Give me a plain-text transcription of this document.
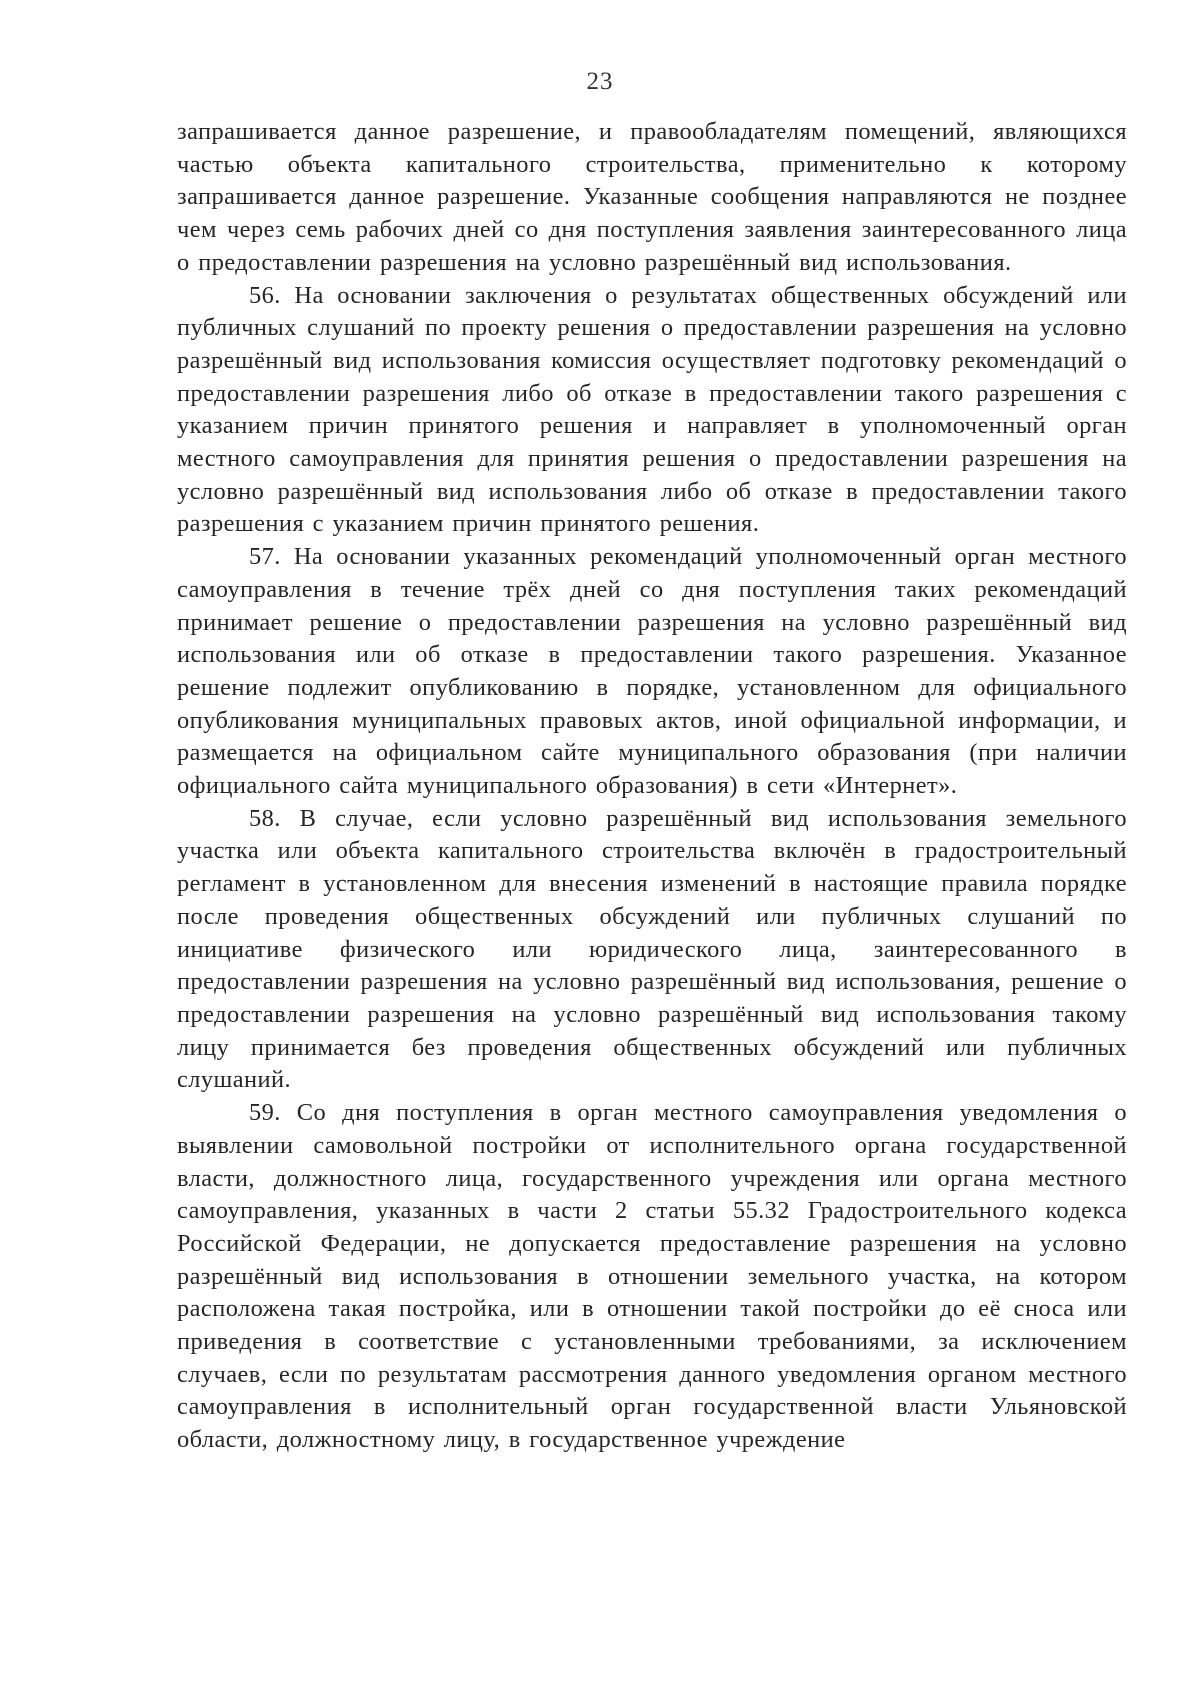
23

запрашивается данное разрешение, и правообладателям помещений, являющихся частью объекта капитального строительства, применительно к которому запрашивается данное разрешение. Указанные сообщения направляются не позднее чем через семь рабочих дней со дня поступления заявления заинтересованного лица о предоставлении разрешения на условно разрешённый вид использования.

56. На основании заключения о результатах общественных обсуждений или публичных слушаний по проекту решения о предоставлении разрешения на условно разрешённый вид использования комиссия осуществляет подготовку рекомендаций о предоставлении разрешения либо об отказе в предоставлении такого разрешения с указанием причин принятого решения и направляет в уполномоченный орган местного самоуправления для принятия решения о предоставлении разрешения на условно разрешённый вид использования либо об отказе в предоставлении такого разрешения с указанием причин принятого решения.

57. На основании указанных рекомендаций уполномоченный орган местного самоуправления в течение трёх дней со дня поступления таких рекомендаций принимает решение о предоставлении разрешения на условно разрешённый вид использования или об отказе в предоставлении такого разрешения. Указанное решение подлежит опубликованию в порядке, установленном для официального опубликования муниципальных правовых актов, иной официальной информации, и размещается на официальном сайте муниципального образования (при наличии официального сайта муниципального образования) в сети «Интернет».

58. В случае, если условно разрешённый вид использования земельного участка или объекта капитального строительства включён в градостроительный регламент в установленном для внесения изменений в настоящие правила порядке после проведения общественных обсуждений или публичных слушаний по инициативе физического или юридического лица, заинтересованного в предоставлении разрешения на условно разрешённый вид использования, решение о предоставлении разрешения на условно разрешённый вид использования такому лицу принимается без проведения общественных обсуждений или публичных слушаний.

59. Со дня поступления в орган местного самоуправления уведомления о выявлении самовольной постройки от исполнительного органа государственной власти, должностного лица, государственного учреждения или органа местного самоуправления, указанных в части 2 статьи 55.32 Градостроительного кодекса Российской Федерации, не допускается предоставление разрешения на условно разрешённый вид использования в отношении земельного участка, на котором расположена такая постройка, или в отношении такой постройки до её сноса или приведения в соответствие с установленными требованиями, за исключением случаев, если по результатам рассмотрения данного уведомления органом местного самоуправления в исполнительный орган государственной власти Ульяновской области, должностному лицу, в государственное учреждение
